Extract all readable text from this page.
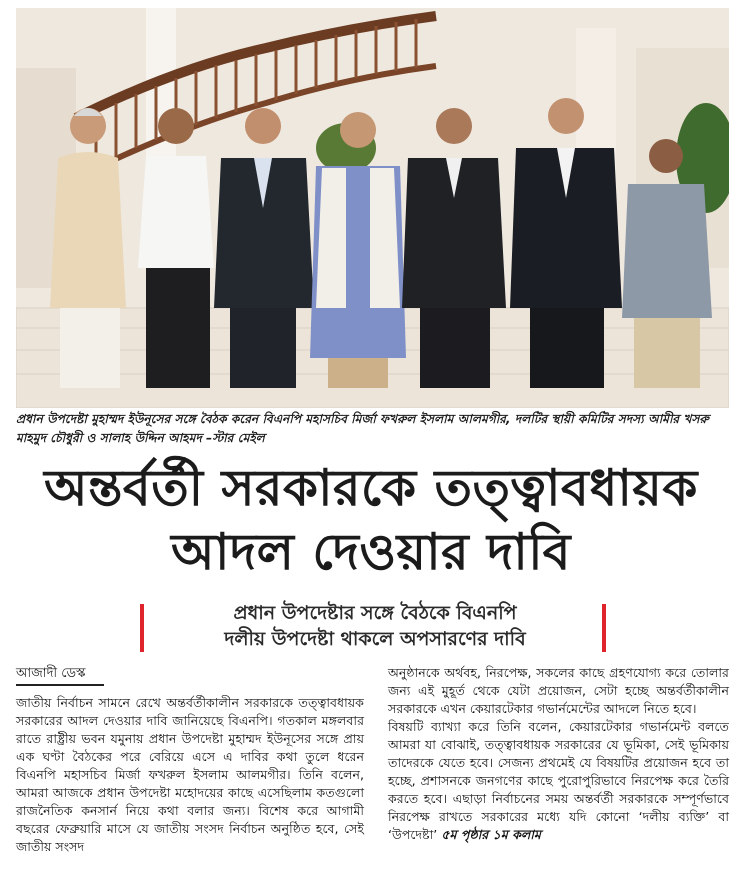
প্রধান উপদেষ্টা মুহাম্মদ ইউনূসের সঙ্গে বৈঠক করেন বিএনপি মহাসচিব মির্জা ফখরুল ইসলাম আলমগীর, দলটির স্থায়ী কমিটির সদস্য আমীর খসরু মাহমুদ চৌধুরী ও সালাহ উদ্দিন আহমদ –স্টার মেইল
অন্তর্বর্তী সরকারকে তত্ত্বাবধায়ক
আদল দেওয়ার দাবি
প্রধান উপদেষ্টার সঙ্গে বৈঠকে বিএনপি
দলীয় উপদেষ্টা থাকলে অপসারণের দাবি
আজাদী ডেস্ক
জাতীয় নির্বাচন সামনে রেখে অন্তর্বর্তীকালীন সরকারকে তত্ত্বাবধায়ক সরকারের আদল দেওয়ার দাবি জানিয়েছে বিএনপি। গতকাল মঙ্গলবার রাতে রাষ্ট্রীয় ভবন যমুনায় প্রধান উপদেষ্টা মুহাম্মদ ইউনূসের সঙ্গে প্রায় এক ঘণ্টা বৈঠকের পরে বেরিয়ে এসে এ দাবির কথা তুলে ধরেন বিএনপি মহাসচিব মির্জা ফখরুল ইসলাম আলমগীর। তিনি বলেন, আমরা আজকে প্রধান উপদেষ্টা মহোদয়ের কাছে এসেছিলাম কতগুলো রাজনৈতিক কনসার্ন নিয়ে কথা বলার জন্য। বিশেষ করে আগামী বছরের ফেব্রুয়ারি মাসে যে জাতীয় সংসদ নির্বাচন অনুষ্ঠিত হবে, সেই জাতীয় সংসদ
অনুষ্ঠানকে অর্থবহ, নিরপেক্ষ, সকলের কাছে গ্রহণযোগ্য করে তোলার জন্য এই মুহূর্ত থেকে যেটা প্রয়োজন, সেটা হচ্ছে অন্তর্বর্তীকালীন সরকারকে এখন কেয়ারটেকার গভার্নমেন্টের আদলে নিতে হবে।
বিষয়টি ব্যাখ্যা করে তিনি বলেন, কেয়ারটেকার গভার্নমেন্ট বলতে আমরা যা বোঝাই, তত্ত্বাবধায়ক সরকারের যে ভূমিকা, সেই ভূমিকায় তাদেরকে যেতে হবে। সেজন্য প্রথমেই যে বিষয়টির প্রয়োজন হবে তা হচ্ছে, প্রশাসনকে জনগণের কাছে পুরোপুরিভাবে নিরপেক্ষ করে তৈরি করতে হবে। এছাড়া নির্বাচনের সময় অন্তর্বর্তী সরকারকে সম্পূর্ণভাবে নিরপেক্ষ রাখতে সরকারের মধ্যে যদি কোনো ‘দলীয় ব্যক্তি’ বা ‘উপদেষ্টা’ ৫ম পৃষ্ঠার ১ম কলাম
